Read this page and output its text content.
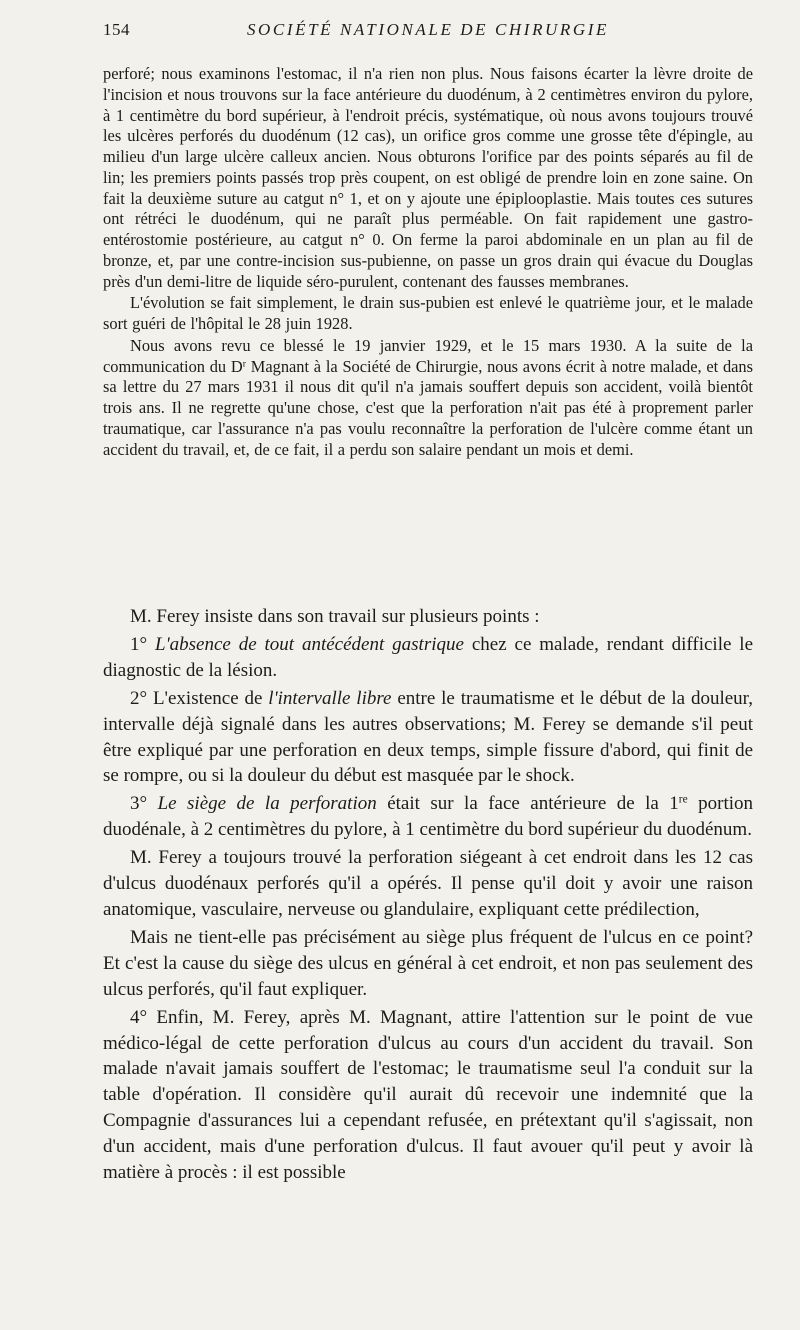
154	SOCIÉTÉ NATIONALE DE CHIRURGIE

perforé; nous examinons l'estomac, il n'a rien non plus. Nous faisons écarter la lèvre droite de l'incision et nous trouvons sur la face antérieure du duodénum, à 2 centimètres environ du pylore, à 1 centimètre du bord supérieur, à l'endroit précis, systématique, où nous avons toujours trouvé les ulcères perforés du duodénum (12 cas), un orifice gros comme une grosse tête d'épingle, au milieu d'un large ulcère calleux ancien. Nous obturons l'orifice par des points séparés au fil de lin; les premiers points passés trop près coupent, on est obligé de prendre loin en zone saine. On fait la deuxième suture au catgut n° 1, et on y ajoute une épiplooplastie. Mais toutes ces sutures ont rétréci le duodénum, qui ne paraît plus perméable. On fait rapidement une gastro-entérostomie postérieure, au catgut n° 0. On ferme la paroi abdominale en un plan au fil de bronze, et, par une contre-incision sus-pubienne, on passe un gros drain qui évacue du Douglas près d'un demi-litre de liquide séro-purulent, contenant des fausses membranes.

L'évolution se fait simplement, le drain sus-pubien est enlevé le quatrième jour, et le malade sort guéri de l'hôpital le 28 juin 1928.

Nous avons revu ce blessé le 19 janvier 1929, et le 15 mars 1930. A la suite de la communication du $D^r$ Magnant à la Société de Chirurgie, nous avons écrit à notre malade, et dans sa lettre du 27 mars 1931 il nous dit qu'il n'a jamais souffert depuis son accident, voilà bientôt trois ans. Il ne regrette qu'une chose, c'est que la perforation n'ait pas été à proprement parler traumatique, car l'assurance n'a pas voulu reconnaître la perforation de l'ulcère comme étant un accident du travail, et, de ce fait, il a perdu son salaire pendant un mois et demi.

M. Ferey insiste dans son travail sur plusieurs points :

1° L'absence de tout antécédent gastrique chez ce malade, rendant difficile le diagnostic de la lésion.

2° L'existence de l'intervalle libre entre le traumatisme et le début de la douleur, intervalle déjà signalé dans les autres observations; M. Ferey se demande s'il peut être expliqué par une perforation en deux temps, simple fissure d'abord, qui finit de se rompre, ou si la douleur du début est masquée par le shock.

3° Le siège de la perforation était sur la face antérieure de la 1re portion duodénale, à 2 centimètres du pylore, à 1 centimètre du bord supérieur du duodénum.

M. Ferey a toujours trouvé la perforation siégeant à cet endroit dans les 12 cas d'ulcus duodénaux perforés qu'il a opérés. Il pense qu'il doit y avoir une raison anatomique, vasculaire, nerveuse ou glandulaire, expliquant cette prédilection,

Mais ne tient-elle pas précisément au siège plus fréquent de l'ulcus en ce point? Et c'est la cause du siège des ulcus en général à cet endroit, et non pas seulement des ulcus perforés, qu'il faut expliquer.

4° Enfin, M. Ferey, après M. Magnant, attire l'attention sur le point de vue médico-légal de cette perforation d'ulcus au cours d'un accident du travail. Son malade n'avait jamais souffert de l'estomac; le traumatisme seul l'a conduit sur la table d'opération. Il considère qu'il aurait dû recevoir une indemnité que la Compagnie d'assurances lui a cependant refusée, en prétextant qu'il s'agissait, non d'un accident, mais d'une perforation d'ulcus. Il faut avouer qu'il peut y avoir là matière à procès : il est possible
